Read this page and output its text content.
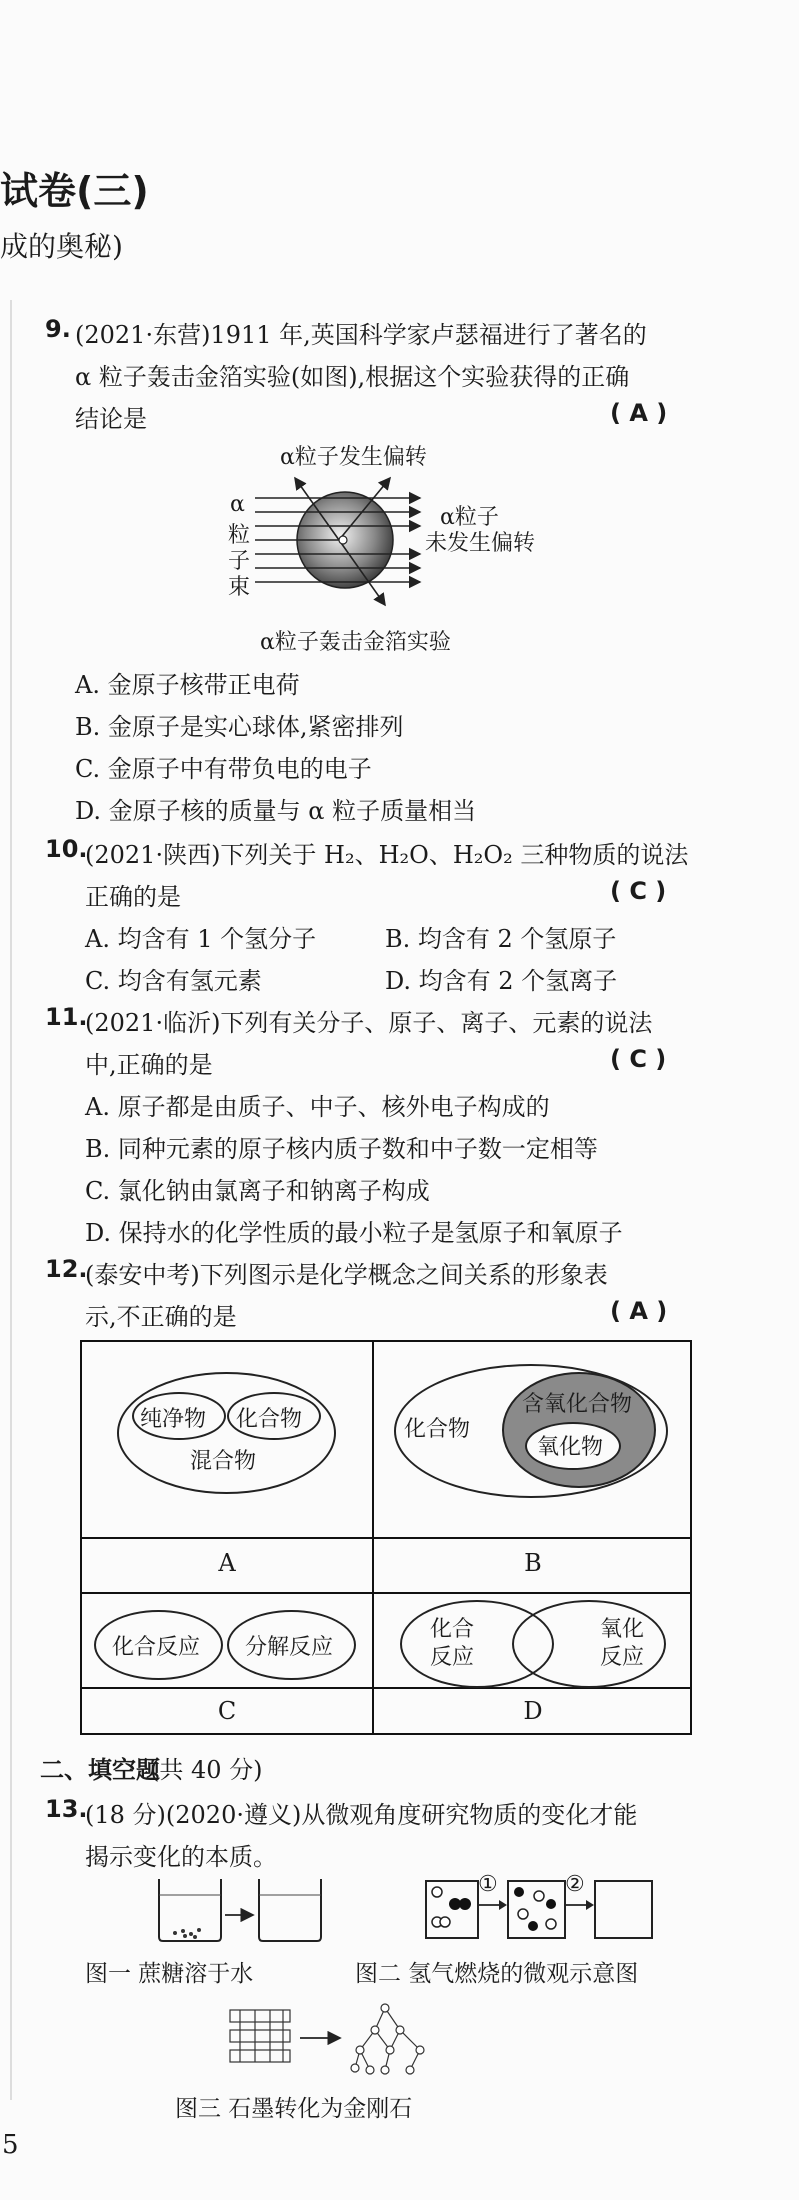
试卷(三)
成的奥秘)
9. (2021·东营)1911 年,英国科学家卢瑟福进行了著名的
α 粒子轰击金箔实验(如图),根据这个实验获得的正确
结论是	( A )
α粒子发生偏转
α
粒
子
束
α粒子
未发生偏转
α粒子轰击金箔实验
A. 金原子核带正电荷
B. 金原子是实心球体,紧密排列
C. 金原子中有带负电的电子
D. 金原子核的质量与 α 粒子质量相当
10.
(2021·陕西)下列关于 H₂、H₂O、H₂O₂ 三种物质的说法
正确的是	( C )
A. 均含有 1 个氢分子	B. 均含有 2 个氢原子
C. 均含有氢元素	D. 均含有 2 个氢离子
11.
(2021·临沂)下列有关分子、原子、离子、元素的说法
中,正确的是	( C )
A. 原子都是由质子、中子、核外电子构成的
B. 同种元素的原子核内质子数和中子数一定相等
C. 氯化钠由氯离子和钠离子构成
D. 保持水的化学性质的最小粒子是氢原子和氧原子
12.
(泰安中考)下列图示是化学概念之间关系的形象表
示,不正确的是	( A )
纯净物 化合物
混合物
A
化合物
含氧化合物
氧化物
B
化合反应 分解反应
C
化合
反应
氧化
反应
D
二、填空题
(共 40 分)
13.
(18 分)(2020·遵义)从微观角度研究物质的变化才能
揭示变化的本质。
图一 蔗糖溶于水
①	②
图二 氢气燃烧的微观示意图
图三 石墨转化为金刚石
5
